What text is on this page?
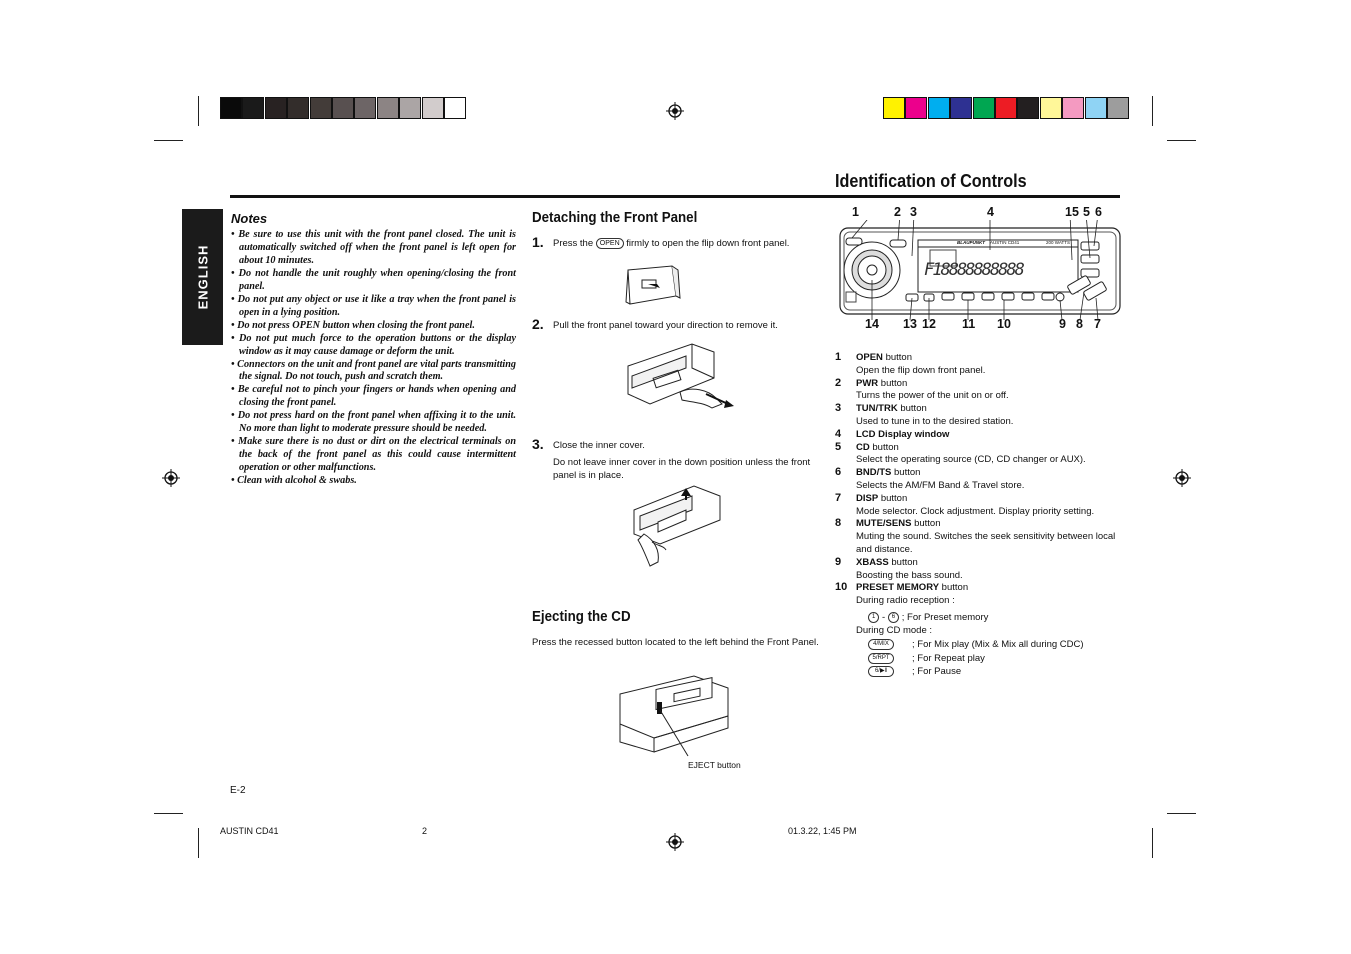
ENGLISH
Identification of Controls
Notes

• Be sure to use this unit with the front panel closed. The unit is automatically switched off when the front panel is left open for about 10 minutes.

• Do not handle the unit roughly when opening/closing the front panel.

• Do not put any object or use it like a tray when the front panel is open in a lying position.

• Do not press OPEN button when closing the front panel.

• Do not put much force to the operation buttons or the display window as it may cause damage or deform the unit.

• Connectors on the unit and front panel are vital parts transmitting the signal. Do not touch, push and scratch them.

• Be careful not to pinch your fingers or hands when opening and closing the front panel.

• Do not press hard on the front panel when affixing it to the unit. No more than light to moderate pressure should be needed.

• Make sure there is no dust or dirt on the electrical terminals on the back of the front panel as this could cause intermittent operation or other malfunctions.

• Clean with alcohol & swabs.

Detaching the Front Panel
1. Press the OPEN firmly to open the flip down front panel.
2. Pull the front panel toward your direction to remove it.
3. Close the inner cover.
Do not leave inner cover in the down position unless the front panel is in place.
Ejecting the CD
Press the recessed button located to the left behind the Front Panel.
EJECT button
1	2 3	4	15 5 6
BLAUPUNKT AUSTIN CD41	200 WATTS
F18888888888
14 13 12 11 10	9 8 7
1 OPEN button
Open the flip down front panel.
2 PWR button
Turns the power of the unit on or off.
3 TUN/TRK button
Used to tune in to the desired station.
4 LCD Display window
5 CD button
Select the operating source (CD, CD changer or AUX).
6 BND/TS button
Selects the AM/FM Band & Travel store.
7 DISP button
Mode selector. Clock adjustment. Display priority setting.
8 MUTE/SENS button
Muting the sound. Switches the seek sensitivity between local and distance.
9 XBASS button
Boosting the bass sound.
10 PRESET MEMORY button
During radio reception :
1 - 6 ; For Preset memory
During CD mode :
4/MIX ; For Mix play (Mix & Mix all during CDC)
5/RPT ; For Repeat play
6/▶︎‖	; For Pause
E-2
AUSTIN CD41	2	01.3.22, 1:45 PM
